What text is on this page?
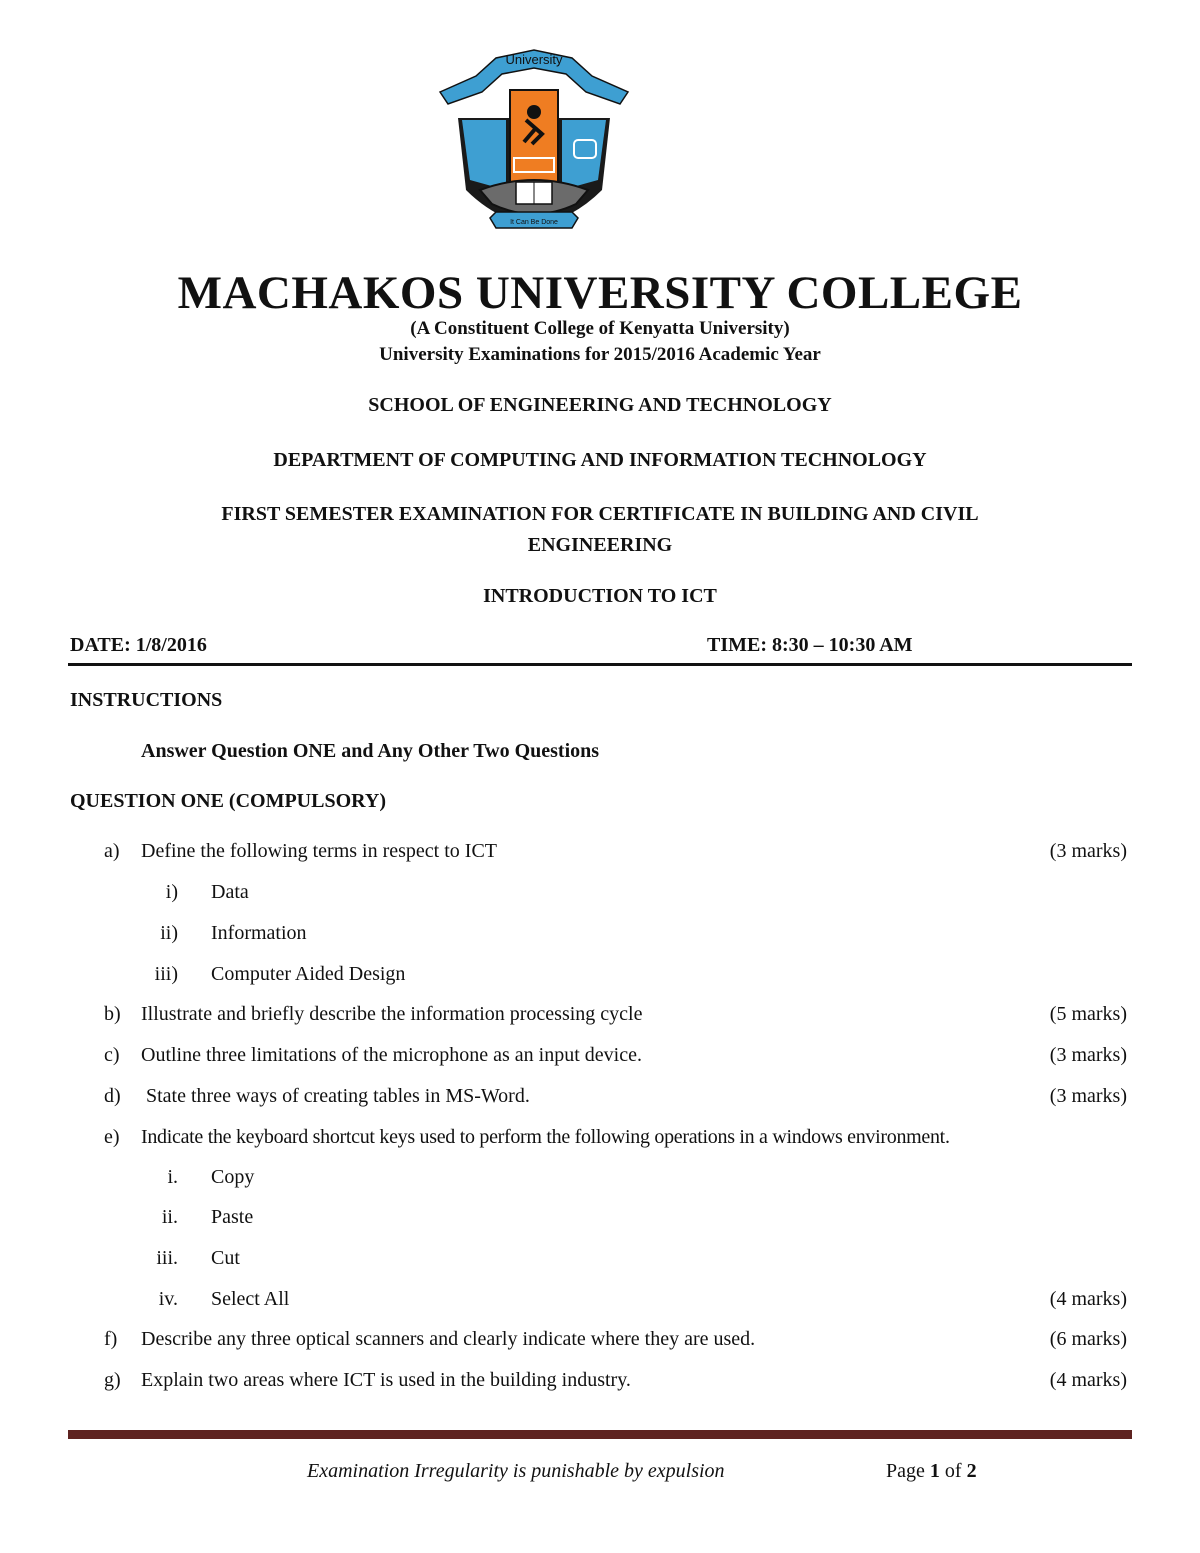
University
It Can Be Done
MACHAKOS UNIVERSITY COLLEGE
(A Constituent College of Kenyatta University)
University Examinations for 2015/2016 Academic Year
SCHOOL OF ENGINEERING AND TECHNOLOGY
DEPARTMENT OF COMPUTING AND INFORMATION TECHNOLOGY
FIRST SEMESTER EXAMINATION FOR CERTIFICATE IN BUILDING AND CIVIL
ENGINEERING
INTRODUCTION TO ICT
DATE: 1/8/2016	TIME: 8:30 – 10:30 AM
INSTRUCTIONS
Answer Question ONE and Any Other Two Questions
QUESTION ONE (COMPULSORY)
a) Define the following terms in respect to ICT	(3 marks)
i) Data
ii) Information
iii) Computer Aided Design
b) Illustrate and briefly describe the information processing cycle	(5 marks)
c) Outline three limitations of the microphone as an input device.	(3 marks)
d) State three ways of creating tables in MS-Word.	(3 marks)
e) Indicate the keyboard shortcut keys used to perform the following operations in a windows environment.
i. Copy
ii. Paste
iii. Cut
iv. Select All	(4 marks)
f) Describe any three optical scanners and clearly indicate where they are used.	(6 marks)
g) Explain two areas where ICT is used in the building industry.	(4 marks)
Examination Irregularity is punishable by expulsion	Page 1 of 2
